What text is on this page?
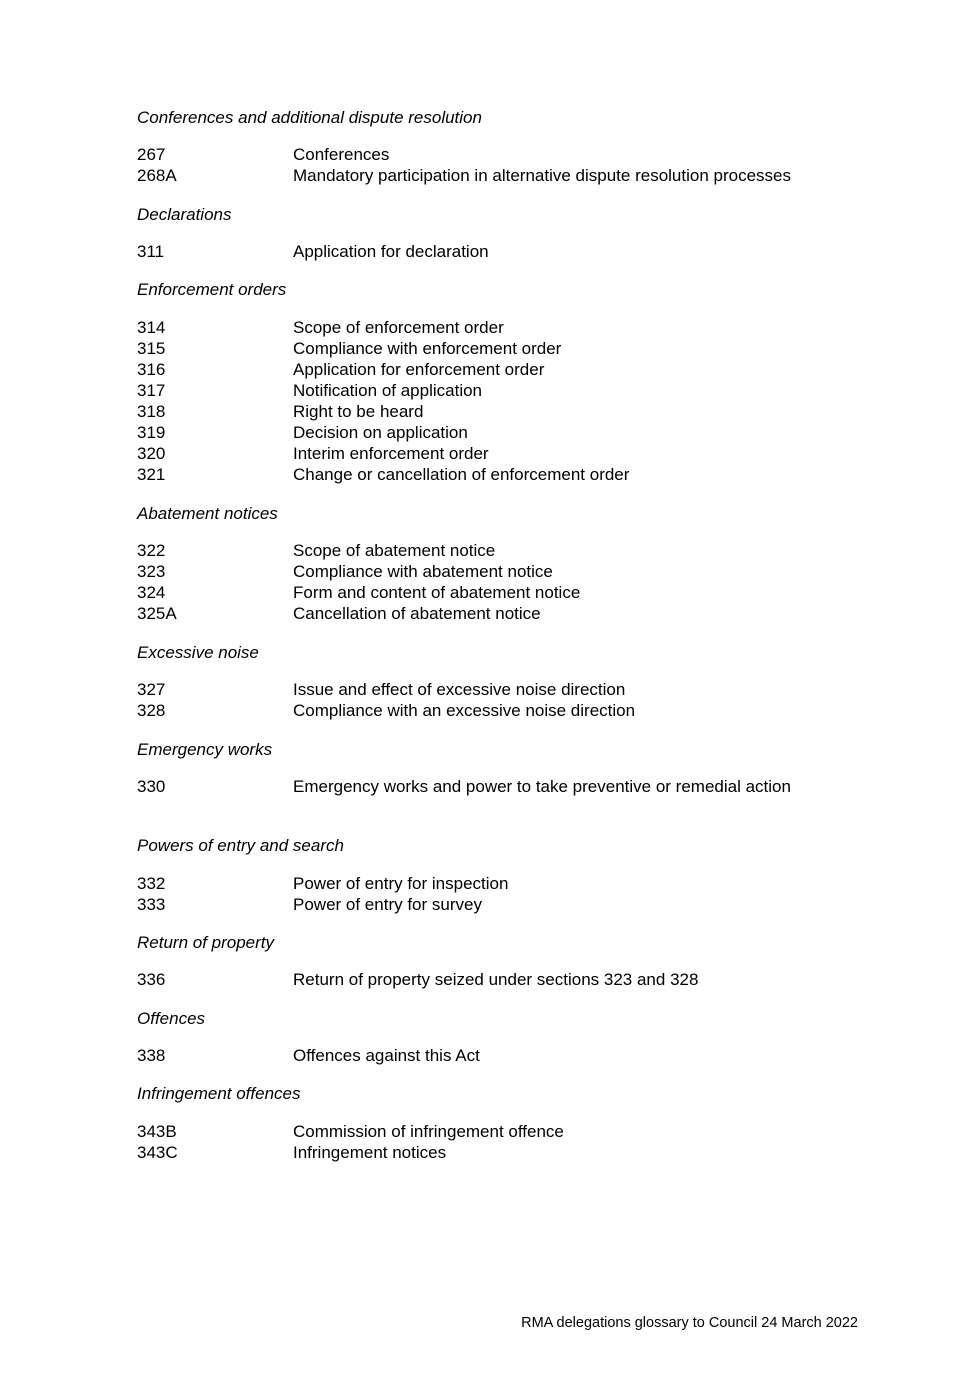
Conferences and additional dispute resolution
267	Conferences
268A	Mandatory participation in alternative dispute resolution processes
Declarations
311	Application for declaration
Enforcement orders
314	Scope of enforcement order
315	Compliance with enforcement order
316	Application for enforcement order
317	Notification of application
318	Right to be heard
319	Decision on application
320	Interim enforcement order
321	Change or cancellation of enforcement order
Abatement notices
322	Scope of abatement notice
323	Compliance with abatement notice
324	Form and content of abatement notice
325A	Cancellation of abatement notice
Excessive noise
327	Issue and effect of excessive noise direction
328	Compliance with an excessive noise direction
Emergency works
330	Emergency works and power to take preventive or remedial action
Powers of entry and search
332	Power of entry for inspection
333	Power of entry for survey
Return of property
336	Return of property seized under sections 323 and 328
Offences
338	Offences against this Act
Infringement offences
343B	Commission of infringement offence
343C	Infringement notices
RMA delegations glossary to Council 24 March 2022
